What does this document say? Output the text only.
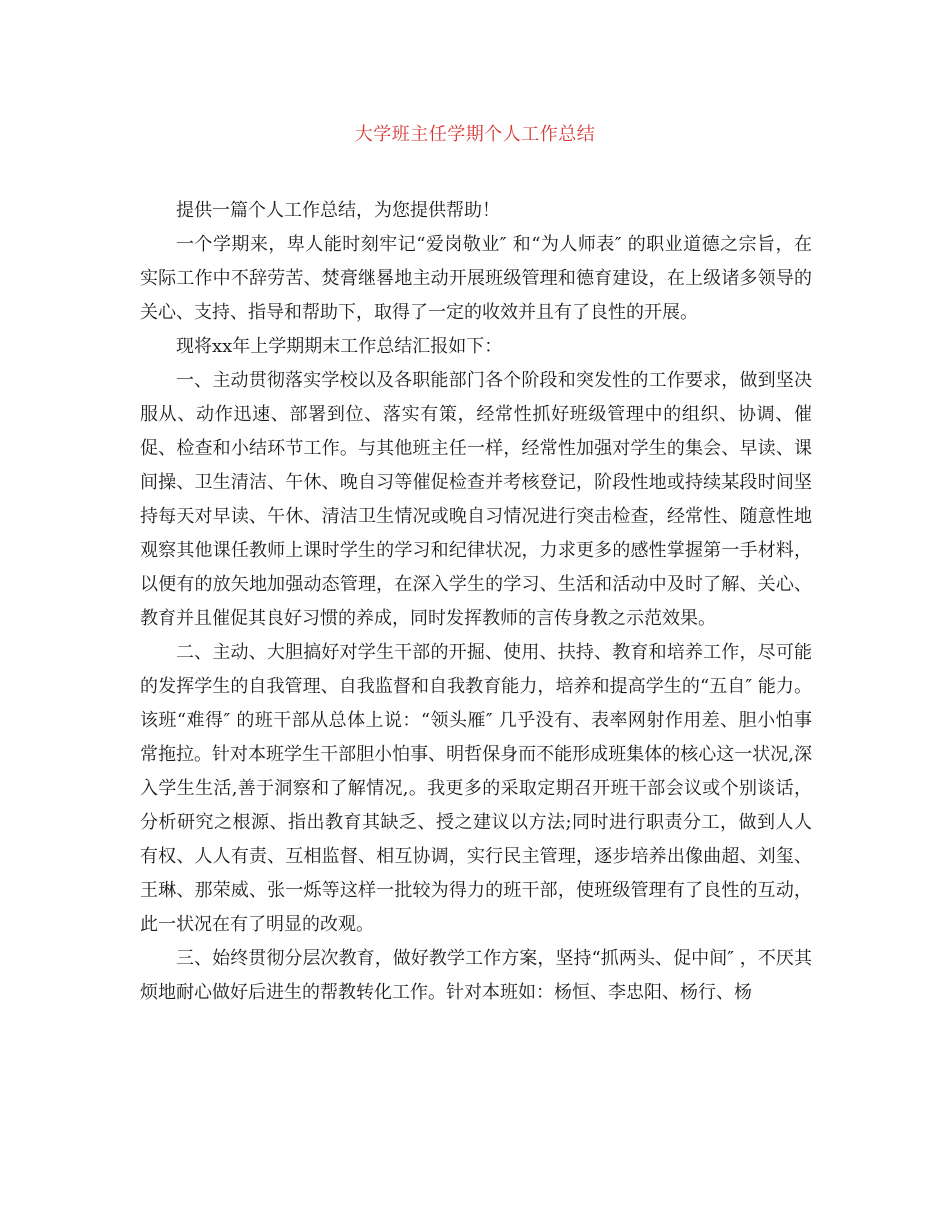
大学班主任学期个人工作总结

提供一篇个人工作总结，为您提供帮助！

一个学期来，卑人能时刻牢记“爱岗敬业″ 和“为人师表″ 的职业道德之宗旨，在实际工作中不辞劳苦、焚膏继晷地主动开展班级管理和德育建设，在上级诸多领导的关心、支持、指导和帮助下，取得了一定的收效并且有了良性的开展。

现将xx年上学期期末工作总结汇报如下：

一、主动贯彻落实学校以及各职能部门各个阶段和突发性的工作要求，做到坚决服从、动作迅速、部署到位、落实有策，经常性抓好班级管理中的组织、协调、催促、检查和小结环节工作。与其他班主任一样，经常性加强对学生的集会、早读、课间操、卫生清洁、午休、晚自习等催促检查并考核登记，阶段性地或持续某段时间坚持每天对早读、午休、清洁卫生情况或晚自习情况进行突击检查，经常性、随意性地观察其他课任教师上课时学生的学习和纪律状况，力求更多的感性掌握第一手材料，以便有的放矢地加强动态管理，在深入学生的学习、生活和活动中及时了解、关心、教育并且催促其良好习惯的养成，同时发挥教师的言传身教之示范效果。

二、主动、大胆搞好对学生干部的开掘、使用、扶持、教育和培养工作，尽可能的发挥学生的自我管理、自我监督和自我教育能力，培养和提高学生的“五自″ 能力。该班“难得″ 的班干部从总体上说：“领头雁″ 几乎没有、表率网射作用差、胆小怕事常拖拉。针对本班学生干部胆小怕事、明哲保身而不能形成班集体的核心这一状况,深入学生生活,善于洞察和了解情况,。我更多的采取定期召开班干部会议或个别谈话，分析研究之根源、指出教育其缺乏、授之建议以方法;同时进行职责分工，做到人人有权、人人有责、互相监督、相互协调，实行民主管理，逐步培养出像曲超、刘玺、王琳、那荣威、张一烁等这样一批较为得力的班干部，使班级管理有了良性的互动，此一状况在有了明显的改观。

三、始终贯彻分层次教育，做好教学工作方案，坚持“抓两头、促中间″ ，不厌其烦地耐心做好后进生的帮教转化工作。针对本班如：杨恒、李忠阳、杨行、杨
